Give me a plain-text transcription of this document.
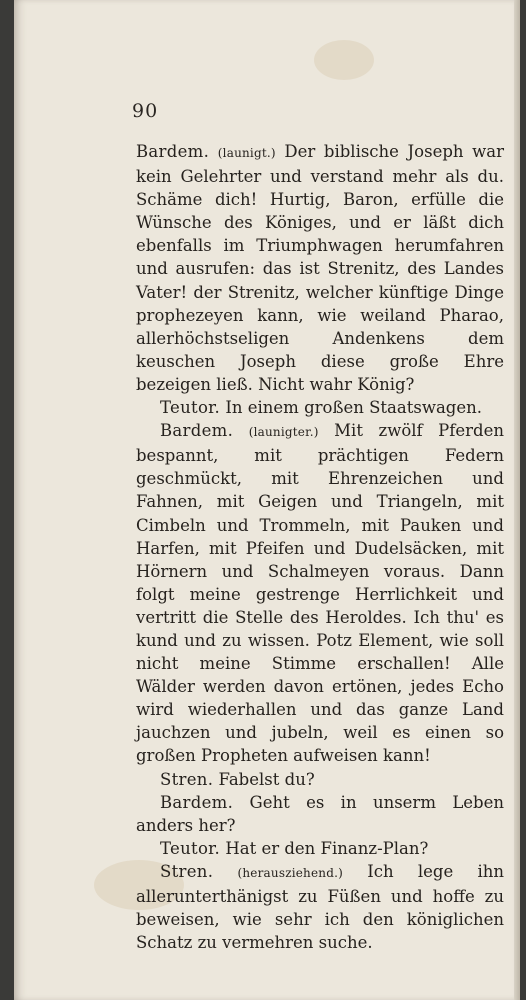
90

Bardem. (launigt.) Der biblische Joseph war kein Gelehrter und verstand mehr als du. Schäme dich! Hurtig, Baron, erfülle die Wünsche des Königes, und er läßt dich ebenfalls im Triumphwagen herumfahren und ausrufen: das ist Strenitz, des Landes Vater! der Strenitz, welcher künftige Dinge prophezeyen kann, wie weiland Pharao, allerhöchstseligen Andenkens dem keuschen Joseph diese große Ehre bezeigen ließ. Nicht wahr König?

Teutor. In einem großen Staatswagen.

Bardem. (launigter.) Mit zwölf Pferden bespannt, mit prächtigen Federn geschmückt, mit Ehrenzeichen und Fahnen, mit Geigen und Triangeln, mit Cimbeln und Trommeln, mit Pauken und Harfen, mit Pfeifen und Dudelsäcken, mit Hörnern und Schalmeyen voraus. Dann folgt meine gestrenge Herrlichkeit und vertritt die Stelle des Heroldes. Ich thu' es kund und zu wissen. Potz Element, wie soll nicht meine Stimme erschallen! Alle Wälder werden davon ertönen, jedes Echo wird wiederhallen und das ganze Land jauchzen und jubeln, weil es einen so großen Propheten aufweisen kann!

Stren. Fabelst du?

Bardem. Geht es in unserm Leben anders her?

Teutor. Hat er den Finanz-Plan?

Stren. (herausziehend.) Ich lege ihn allerunterthänigst zu Füßen und hoffe zu beweisen, wie sehr ich den königlichen Schatz zu vermehren suche.
